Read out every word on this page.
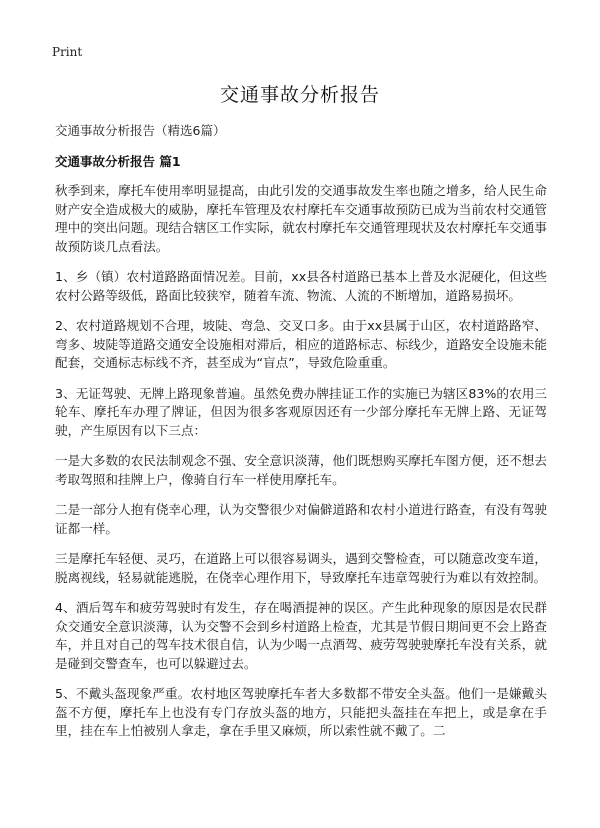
Print
交通事故分析报告
交通事故分析报告（精选6篇）
交通事故分析报告 篇1

秋季到来，摩托车使用率明显提高，由此引发的交通事故发生率也随之增多，给人民生命财产安全造成极大的威胁，摩托车管理及农村摩托车交通事故预防已成为当前农村交通管理中的突出问题。现结合辖区工作实际，就农村摩托车交通管理现状及农村摩托车交通事故预防谈几点看法。

1、乡（镇）农村道路路面情况差。目前，xx县各村道路已基本上普及水泥硬化，但这些农村公路等级低，路面比较狭窄，随着车流、物流、人流的不断增加，道路易损坏。

2、农村道路规划不合理，坡陡、弯急、交叉口多。由于xx县属于山区，农村道路路窄、弯多、坡陡等道路交通安全设施相对滞后，相应的道路标志、标线少，道路安全设施未能配套，交通标志标线不齐，甚至成为“盲点”，导致危险重重。

3、无证驾驶、无牌上路现象普遍。虽然免费办牌挂证工作的实施已为辖区83%的农用三轮车、摩托车办理了牌证，但因为很多客观原因还有一少部分摩托车无牌上路、无证驾驶，产生原因有以下三点：

一是大多数的农民法制观念不强、安全意识淡薄，他们既想购买摩托车图方便，还不想去考取驾照和挂牌上户，像骑自行车一样使用摩托车。

二是一部分人抱有侥幸心理，认为交警很少对偏僻道路和农村小道进行路查，有没有驾驶证都一样。

三是摩托车轻便、灵巧，在道路上可以很容易调头，遇到交警检查，可以随意改变车道，脱离视线，轻易就能逃脱，在侥幸心理作用下，导致摩托车违章驾驶行为难以有效控制。

4、酒后驾车和疲劳驾驶时有发生，存在喝酒提神的误区。产生此种现象的原因是农民群众交通安全意识淡薄，认为交警不会到乡村道路上检查，尤其是节假日期间更不会上路查车，并且对自己的驾车技术很自信，认为少喝一点酒驾、疲劳驾驶驶摩托车没有关系，就是碰到交警查车，也可以躲避过去。

5、不戴头盔现象严重。农村地区驾驶摩托车者大多数都不带安全头盔。他们一是嫌戴头盔不方便，摩托车上也没有专门存放头盔的地方，只能把头盔挂在车把上，或是拿在手里，挂在车上怕被别人拿走，拿在手里又麻烦，所以索性就不戴了。二
